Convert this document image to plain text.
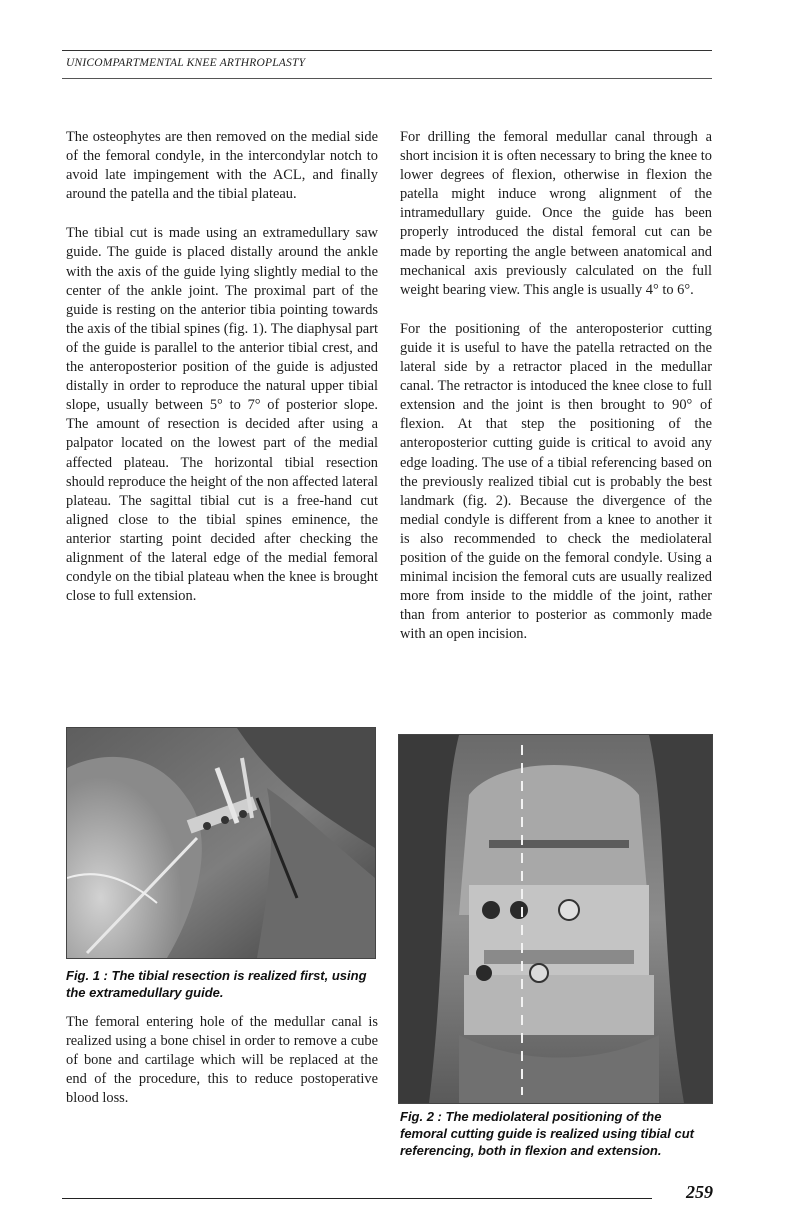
UNICOMPARTMENTAL KNEE ARTHROPLASTY

The osteophytes are then removed on the medial side of the femoral condyle, in the intercondylar notch to avoid late impingement with the ACL, and finally around the patella and the tibial plateau.

The tibial cut is made using an extramedullary saw guide. The guide is placed distally around the ankle with the axis of the guide lying slightly medial to the center of the ankle joint. The proximal part of the guide is resting on the anterior tibia pointing towards the axis of the tibial spines (fig. 1). The diaphysal part of the guide is parallel to the anterior tibial crest, and the anteroposterior position of the guide is adjusted distally in order to reproduce the natural upper tibial slope, usually between 5° to 7° of posterior slope. The amount of resection is decided after using a palpator located on the lowest part of the medial affected plateau. The horizontal tibial resection should reproduce the height of the non affected lateral plateau. The sagittal tibial cut is a free-hand cut aligned close to the tibial spines eminence, the anterior starting point decided after checking the alignment of the lateral edge of the medial femoral condyle on the tibial plateau when the knee is brought close to full extension.

For drilling the femoral medullar canal through a short incision it is often necessary to bring the knee to lower degrees of flexion, otherwise in flexion the patella might induce wrong alignment of the intramedullary guide. Once the guide has been properly introduced the distal femoral cut can be made by reporting the angle between anatomical and mechanical axis previously calculated on the full weight bearing view. This angle is usually 4° to 6°.

For the positioning of the anteroposterior cutting guide it is useful to have the patella retracted on the lateral side by a retractor placed in the medullar canal. The retractor is intoduced the knee close to full extension and the joint is then brought to 90° of flexion. At that step the positioning of the anteroposterior cutting guide is critical to avoid any edge loading. The use of a tibial referencing based on the previously realized tibial cut is probably the best landmark (fig. 2). Because the divergence of the medial condyle is different from a knee to another it is also recommended to check the mediolateral position of the guide on the femoral condyle. Using a minimal incision the femoral cuts are usually realized more from inside to the middle of the joint, rather than from anterior to posterior as commonly made with an open incision.

Fig. 1 : The tibial resection is realized first, using the extramedullary guide.

The femoral entering hole of the medullar canal is realized using a bone chisel in order to remove a cube of bone and cartilage which will be replaced at the end of the procedure, this to reduce postoperative blood loss.

Fig. 2 : The mediolateral positioning of the femoral cutting guide is realized using tibial cut referencing, both in flexion and extension.
259
